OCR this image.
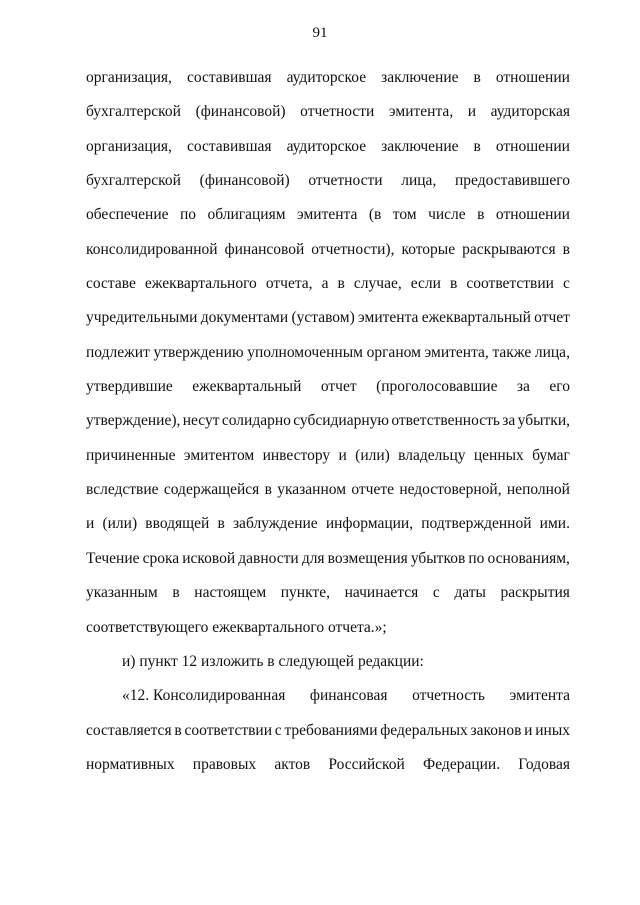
91
организация, составившая аудиторское заключение в отношении
бухгалтерской (финансовой) отчетности эмитента, и аудиторская
организация, составившая аудиторское заключение в отношении
бухгалтерской (финансовой) отчетности лица, предоставившего
обеспечение по облигациям эмитента (в том числе в отношении
консолидированной финансовой отчетности), которые раскрываются в
составе ежеквартального отчета, а в случае, если в соответствии с
учредительными документами (уставом) эмитента ежеквартальный отчет
подлежит утверждению уполномоченным органом эмитента, также лица,
утвердившие ежеквартальный отчет (проголосовавшие за его
утверждение), несут солидарно субсидиарную ответственность за убытки,
причиненные эмитентом инвестору и (или) владельцу ценных бумаг
вследствие содержащейся в указанном отчете недостоверной, неполной
и (или) вводящей в заблуждение информации, подтвержденной ими.
Течение срока исковой давности для возмещения убытков по основаниям,
указанным в настоящем пункте, начинается с даты раскрытия
соответствующего ежеквартального отчета.»;
и) пункт 12 изложить в следующей редакции:
«12. Консолидированная финансовая отчетность эмитента
составляется в соответствии с требованиями федеральных законов и иных
нормативных правовых актов Российской Федерации. Годовая
